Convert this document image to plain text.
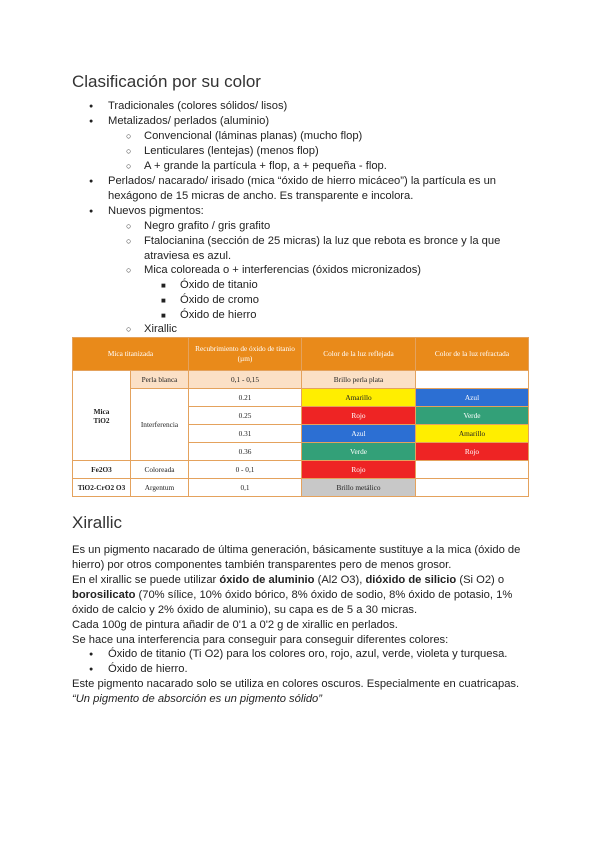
Clasificación por su color
● Tradicionales (colores sólidos/ lisos)
● Metalizados/ perlados (aluminio)
○ Convencional (láminas planas) (mucho flop)
○ Lenticulares (lentejas) (menos flop)
○ A + grande la partícula + flop, a + pequeña - flop.
● Perlados/ nacarado/ irisado (mica “óxido de hierro micáceo”) la partícula es un
hexágono de 15 micras de ancho. Es transparente e incolora.
● Nuevos pigmentos:
○ Negro grafito / gris grafito
○ Ftalocianina (sección de 25 micras) la luz que rebota es bronce y la que
atraviesa es azul.
○ Mica coloreada o + interferencias (óxidos micronizados)
■ Óxido de titanio
■ Óxido de cromo
■ Óxido de hierro
○ Xirallic
Mica titanizada		Recubrimiento de óxido de titanio (µm)	Color de la luz reflejada	Color de la luz refractada

Mica
TiO2	Perla blanca	0,1 - 0,15	Brillo perla plata	
	Interferencia	0.21	Amarillo	Azul
		0.25	Rojo	Verde
		0.31	Azul	Amarillo
		0.36	Verde	Rojo
Fe2O3	Coloreada	0 - 0,1	Rojo	
TiO2-CrO2 O3	Argentum	0,1	Brillo metálico	
Xirallic
Es un pigmento nacarado de última generación, básicamente sustituye a la mica (óxido de
hierro) por otros componentes también transparentes pero de menos grosor.
En el xirallic se puede utilizar óxido de aluminio (Al2 O3), dióxido de silicio (Si O2) o
borosilicato (70% sílice, 10% óxido bórico, 8% óxido de sodio, 8% óxido de potasio, 1%
óxido de calcio y 2% óxido de aluminio), su capa es de 5 a 30 micras.
Cada 100g de pintura añadir de 0'1 a 0'2 g de xirallic en perlados.
Se hace una interferencia para conseguir para conseguir diferentes colores:
● Óxido de titanio (Ti O2) para los colores oro, rojo, azul, verde, violeta y turquesa.
● Óxido de hierro.
Este pigmento nacarado solo se utiliza en colores oscuros. Especialmente en cuatricapas.
“Un pigmento de absorción es un pigmento sólido”
